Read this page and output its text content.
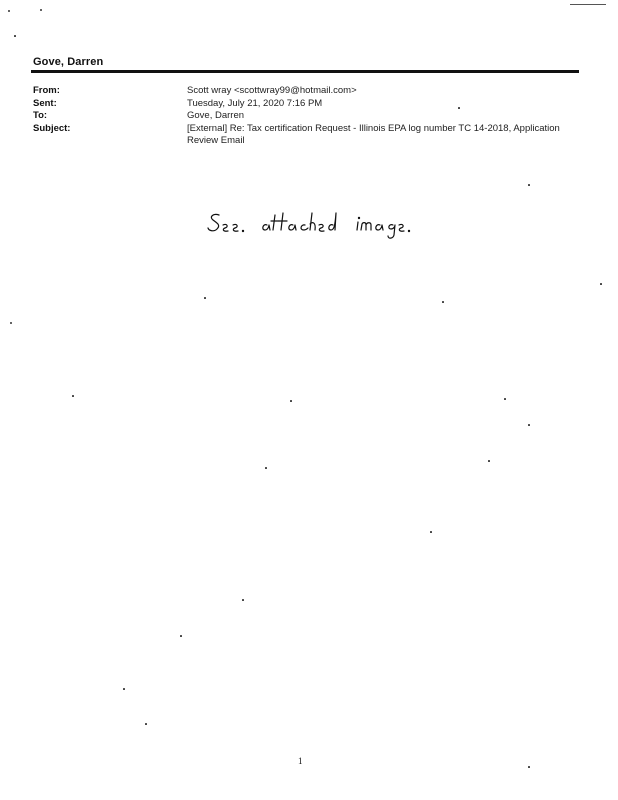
Gove, Darren
From:	Scott wray <scottwray99@hotmail.com>
Sent:	Tuesday, July 21, 2020 7:16 PM
To:	Gove, Darren
Subject:	[External] Re: Tax certification Request - Illinois EPA log number TC 14-2018, Application Review Email
1
